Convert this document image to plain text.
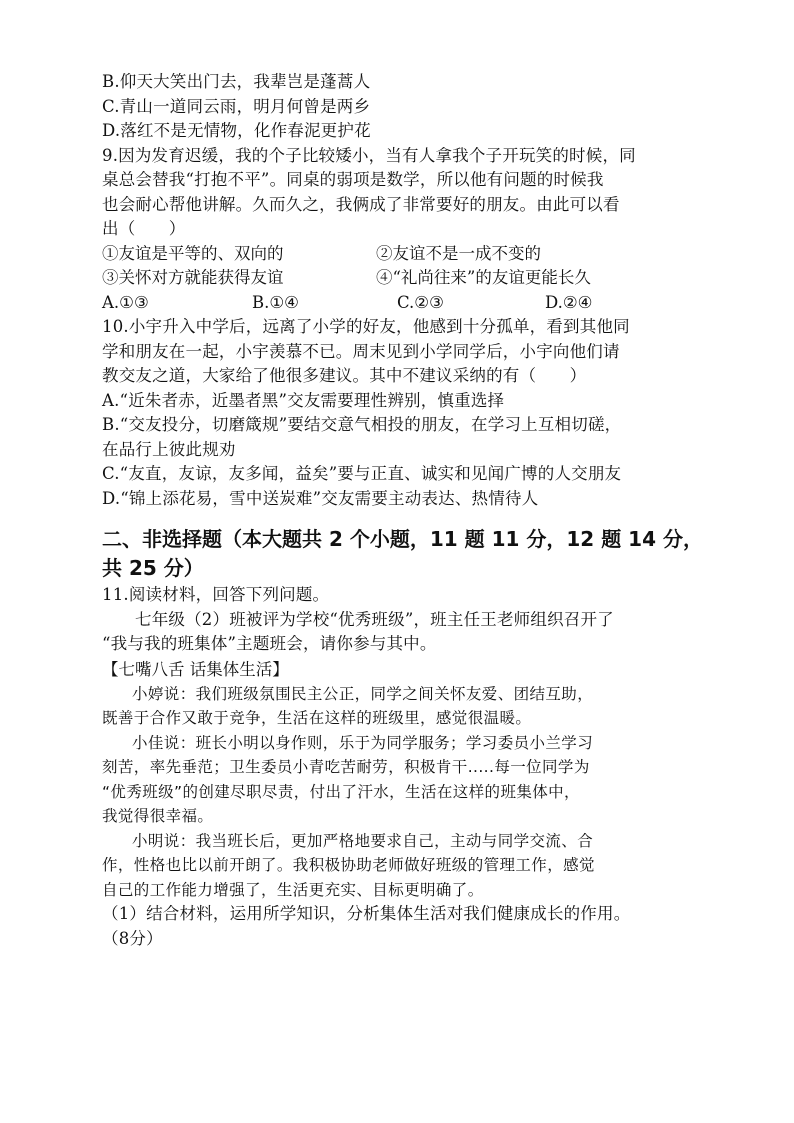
B.仰天大笑出门去，我辈岂是蓬蒿人
C.青山一道同云雨，明月何曾是两乡
D.落红不是无情物，化作春泥更护花
9.因为发育迟缓，我的个子比较矮小，当有人拿我个子开玩笑的时候，同
桌总会替我“打抱不平”。同桌的弱项是数学，所以他有问题的时候我
也会耐心帮他讲解。久而久之，我俩成了非常要好的朋友。由此可以看
出（　　）
①友谊是平等的、双向的	②友谊不是一成不变的
③关怀对方就能获得友谊	④“礼尚往来”的友谊更能长久
A.①③	B.①④	C.②③	D.②④
10.小宇升入中学后，远离了小学的好友，他感到十分孤单，看到其他同
学和朋友在一起，小宇羡慕不已。周末见到小学同学后，小宇向他们请
教交友之道，大家给了他很多建议。其中不建议采纳的有（　　）
A.“近朱者赤，近墨者黑”交友需要理性辨别，慎重选择
B.“交友投分，切磨箴规”要结交意气相投的朋友，在学习上互相切磋，
在品行上彼此规劝
C.“友直，友谅，友多闻，益矣”要与正直、诚实和见闻广博的人交朋友
D.“锦上添花易，雪中送炭难”交友需要主动表达、热情待人
二、非选择题（本大题共 2 个小题，11 题 11 分，12 题 14 分，
共 25 分）
11.阅读材料，回答下列问题。
七年级（2）班被评为学校“优秀班级”，班主任王老师组织召开了
“我与我的班集体”主题班会，请你参与其中。
【七嘴八舌 话集体生活】
小婷说：我们班级氛围民主公正，同学之间关怀友爱、团结互助，
既善于合作又敢于竞争，生活在这样的班级里，感觉很温暖。
小佳说：班长小明以身作则，乐于为同学服务；学习委员小兰学习
刻苦，率先垂范；卫生委员小青吃苦耐劳，积极肯干.....每一位同学为
“优秀班级”的创建尽职尽责，付出了汗水，生活在这样的班集体中，
我觉得很幸福。
小明说：我当班长后，更加严格地要求自己，主动与同学交流、合
作，性格也比以前开朗了。我积极协助老师做好班级的管理工作，感觉
自己的工作能力增强了，生活更充实、目标更明确了。
（1）结合材料，运用所学知识，分析集体生活对我们健康成长的作用。
（8分）
